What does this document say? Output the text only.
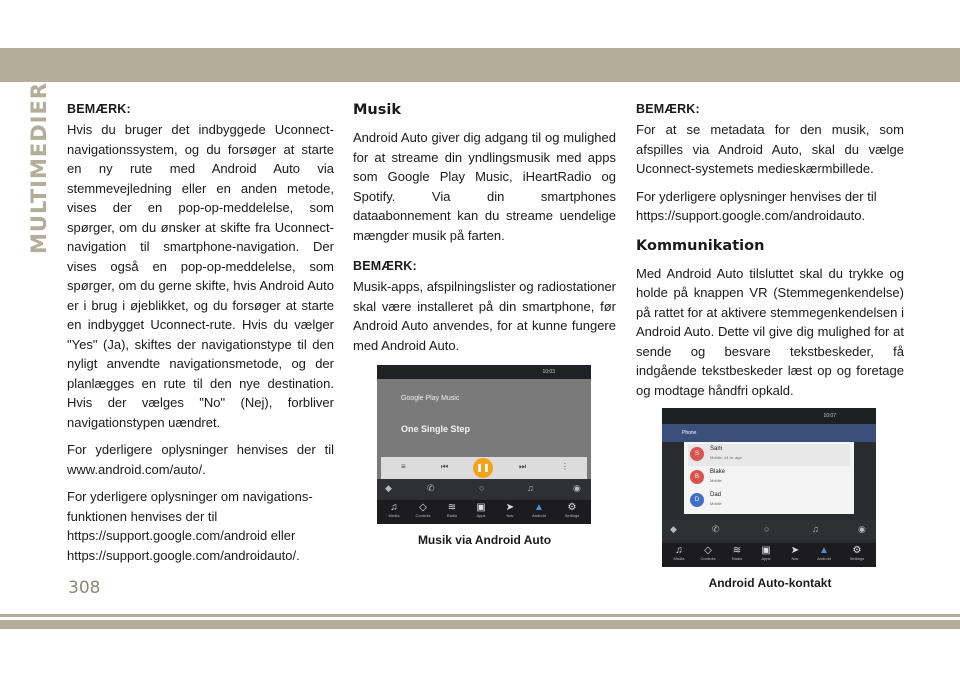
MULTIMEDIER BEMÆRK:

Hvis du bruger det indbyggede Uconnect-navigationssystem, og du forsøger at starte en ny rute med Android Auto via stemmevejledning eller en anden metode, vises der en pop-op-meddelelse, som spørger, om du ønsker at skifte fra Uconnect-navigation til smartphone-navigation. Der vises også en pop-op-meddelelse, som spørger, om du gerne skifte, hvis Android Auto er i brug i øjeblikket, og du forsøger at starte en indbygget Uconnect-rute. Hvis du vælger "Yes" (Ja), skiftes der navigationstype til den nyligt anvendte navigationsmetode, og der planlægges en rute til den nye destination. Hvis der vælges "No" (Nej), forbliver navigationstypen uændret.

For yderligere oplysninger henvises der til www.android.com/auto/.

For yderligere oplysninger om navigations-funktionen henvises der til https://support.google.com/android eller https://support.google.com/androidauto/.

Musik

Android Auto giver dig adgang til og mulighed for at streame din yndlingsmusik med apps som Google Play Music, iHeartRadio og Spotify. Via din smartphones dataabonnement kan du streame uendelige mængder musik på farten.

BEMÆRK:

Musik-apps, afspilningslister og radiostationer skal være installeret på din smartphone, før Android Auto anvendes, for at kunne fungere med Android Auto.

10:03
Google Play Music
One Single Step
≡	⏮	❚❚	⏭	⋮
◆	✆	○	♫	◉
♫
Media
◇
Controls
≋
Radio
▣
Apps
➤
Nav
▲
Android
⚙
Settings
Musik via Android Auto
BEMÆRK:

For at se metadata for den musik, som afspilles via Android Auto, skal du vælge Uconnect-systemets medieskærmbillede.

For yderligere oplysninger henvises der til https://support.google.com/androidauto.

Kommunikation

Med Android Auto tilsluttet skal du trykke og holde på knappen VR (Stemmegenkendelse) på rattet for at aktivere stemmegenkendelsen i Android Auto. Dette vil give dig mulighed for at sende og besvare tekstbeskeder, få indgående tekstbeskeder læst op og foretage og modtage håndfri opkald.

10:07
Phone
S
Sam
Mobile, 14 hr. ago
B
Blake
Mobile
D
Dad
Mobile
◆	✆	○	♫	◉
♫
Media
◇
Controls
≋
Radio
▣
Apps
➤
Nav
▲
Android
⚙
Settings
Android Auto-kontakt
308
